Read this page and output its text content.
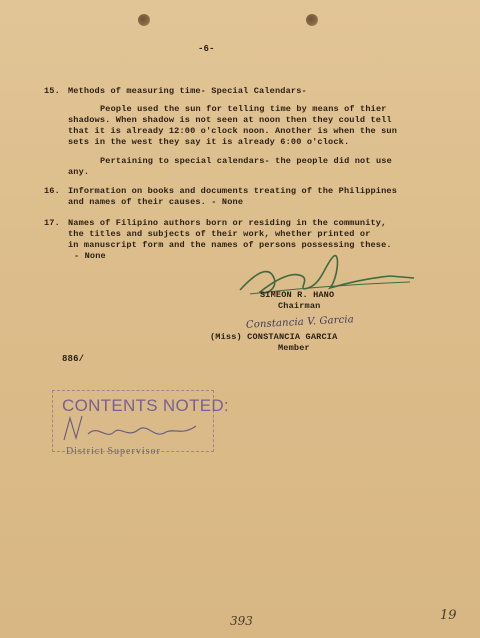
-6-
15. Methods of measuring time- Special Calendars-
People used the sun for telling time by means of thier
shadows. When shadow is not seen at noon then they could tell
that it is already 12:00 o'clock noon. Another is when the sun
sets in the west they say it is already 6:00 o'clock.
Pertaining to special calendars- the people did not use
any.
16. Information on books and documents treating of the Philippines
and names of their causes. - None
17. Names of Filipino authors born or residing in the community,
the titles and subjects of their work, whether printed or
in manuscript form and the names of persons possessing these.
- None
SIMEON R. HANO
Chairman
Constancia V. Garcia
(Miss) CONSTANCIA GARCIA
Member
886/
CONTENTS NOTED:
District Supervisor
393	19
